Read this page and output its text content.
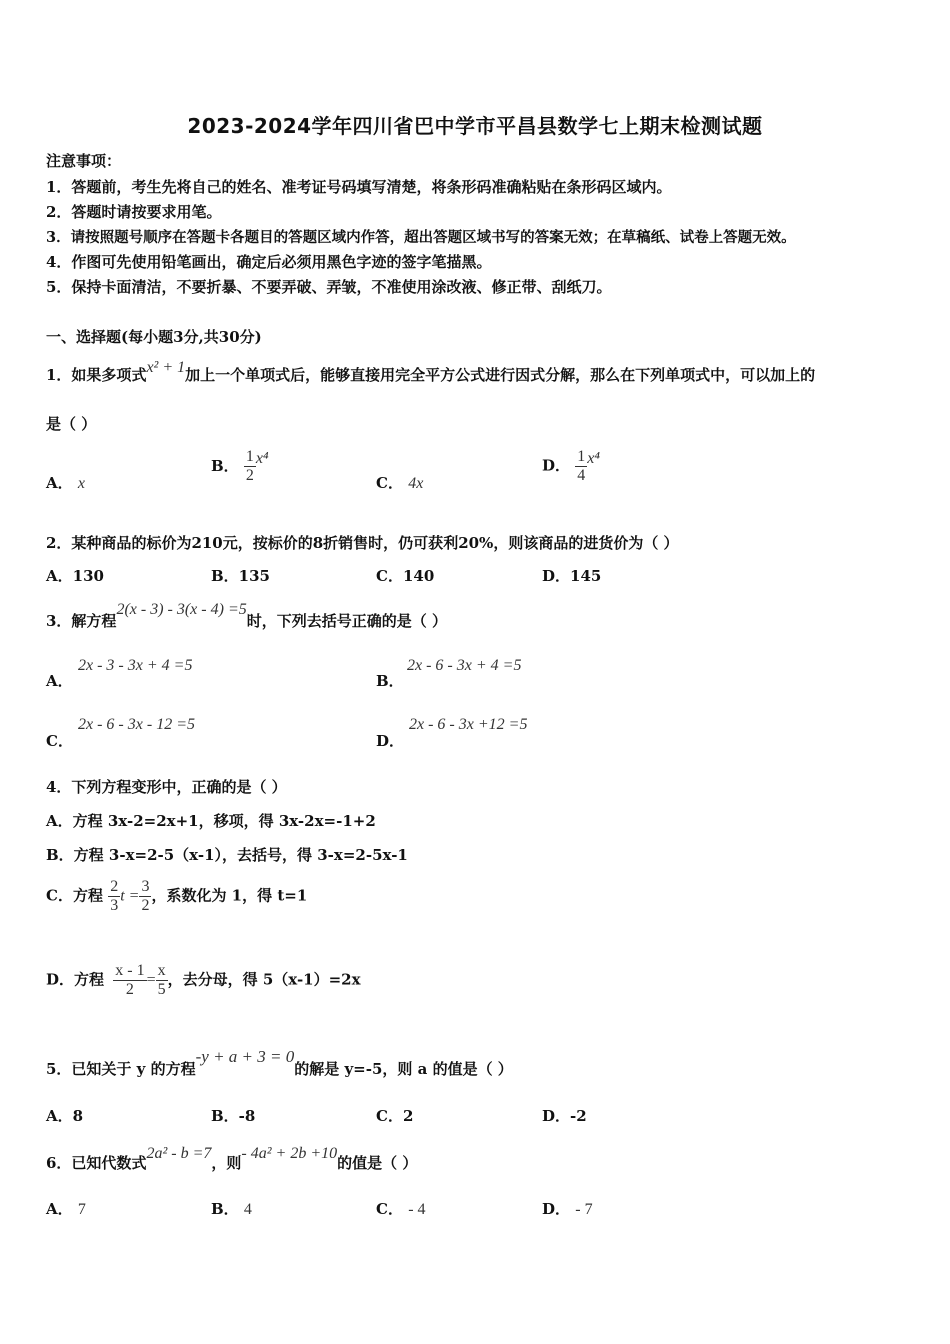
2023-2024学年四川省巴中学市平昌县数学七上期末检测试题
注意事项：
1．答题前，考生先将自己的姓名、准考证号码填写清楚，将条形码准确粘贴在条形码区域内。
2．答题时请按要求用笔。
3．请按照题号顺序在答题卡各题目的答题区域内作答，超出答题区域书写的答案无效；在草稿纸、试卷上答题无效。
4．作图可先使用铅笔画出，确定后必须用黑色字迹的签字笔描黑。
5．保持卡面清洁，不要折暴、不要弄破、弄皱，不准使用涂改液、修正带、刮纸刀。
一、选择题(每小题3分,共30分)
1．如果多项式x² + 1加上一个单项式后，能够直接用完全平方公式进行因式分解，那么在下列单项式中，可以加上的
是（ ）
A． x
B． $\frac{1}{2} x^4$
C． 4x
D． $\frac{1}{4} x^4$
2．某种商品的标价为210元，按标价的8折销售时，仍可获利20%，则该商品的进货价为（ ）
A．130	B．135	C．140	D．145
3．解方程2(x - 3) - 3(x - 4) =5时，下列去括号正确的是（ ）
A．
2x - 3 - 3x + 4 =5
B．
2x - 6 - 3x + 4 =5
C．
2x - 6 - 3x - 12 =5
D．
2x - 6 - 3x +12 =5
4．下列方程变形中，正确的是（ ）
A．方程 3x-2=2x+1，移项，得 3x-2x=-1+2
B．方程 3-x=2-5（x-1），去括号，得 3-x=2-5x-1
C．方程 $\frac{2}{3}$ $t = \frac{3}{2}$ ，系数化为 1，得 t=1
D．方程 $\frac{x - 1}{2} = \frac{x}{5}$ ，去分母，得 5（x-1）=2x
5．已知关于 y 的方程-y + a + 3 = 0的解是 y=-5，则 a 的值是（ ）
A．8	B．-8	C．2	D．-2
6．已知代数式2a² - b =7，则- 4a² + 2b +10的值是（ ）
A． 7	B． 4	C． - 4	D． - 7
